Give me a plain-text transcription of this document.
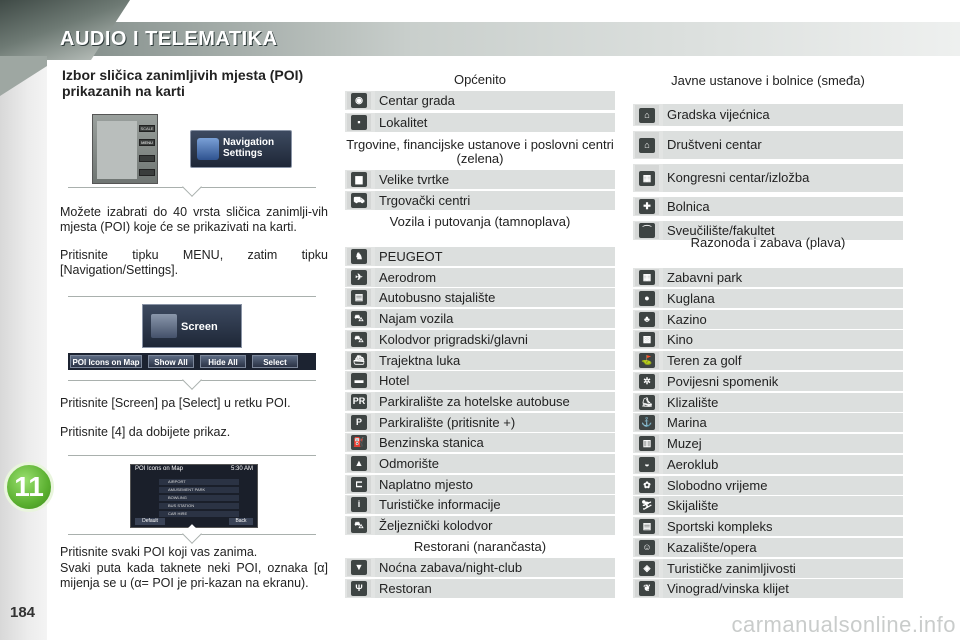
AUDIO I TELEMATIKA
11
184
Izbor sličica zanimljivih mjesta (POI) prikazanih na karti
SCALE
MENU	Navigation
Settings
Možete izabrati do 40 vrsta sličica zanimlji-vih mjesta (POI) koje će se prikazivati na karti.
Pritisnite tipku MENU, zatim tipku [Navigation/Settings].
Screen
POI Icons on Map	Show All	Hide All	Select
Pritisnite [Screen] pa [Select] u retku POI.
Pritisnite [4] da dobijete prikaz.
POI Icons on Map	5:30 AM
AIRPORT
AMUSEMENT PARK
BOWLING
BUS STATION
CAR HIRE
Default	Back
Pritisnite svaki POI koji vas zanima.
Svaki puta kada taknete neki POI, oznaka [α] mijenja se u (α= POI je pri-kazan na ekranu).
Općenito
◉	Centar grada
▪	Lokalitet
Trgovine, financijske ustanove i poslovni centri (zelena)
▆	Velike tvrtke
⛟	Trgovački centri
Vozila i putovanja (tamnoplava)
♞	PEUGEOT
✈	Aerodrom
▤	Autobusno stajalište
⛍	Najam vozila
⛍	Kolodvor prigradski/glavni
⛴	Trajektna luka
▬	Hotel
PR	Parkiralište za hotelske autobuse
P	Parkiralište (pritisnite +)
⛽	Benzinska stanica
▲	Odmorište
⊏	Naplatno mjesto
i	Turističke informacije
⛍	Željeznički kolodvor
Restorani (narančasta)
▼	Noćna zabava/night-club
Ψ	Restoran
Javne ustanove i bolnice (smeđa)
⌂	Gradska vijećnica
⌂	Društveni centar
▦	Kongresni centar/izložba
✚	Bolnica
⌒	Sveučilište/fakultet
Razonoda i zabava (plava)
▦	Zabavni park
●	Kuglana
♣	Kazino
▩	Kino
⛳	Teren za golf
✲	Povijesni spomenik
⛸	Klizalište
⚓	Marina
▥	Muzej
◒	Aeroklub
✿	Slobodno vrijeme
⛷	Skijalište
▤	Sportski kompleks
☺	Kazalište/opera
◈	Turističke zanimljivosti
❦	Vinograd/vinska klijet
carmanualsonline.info
